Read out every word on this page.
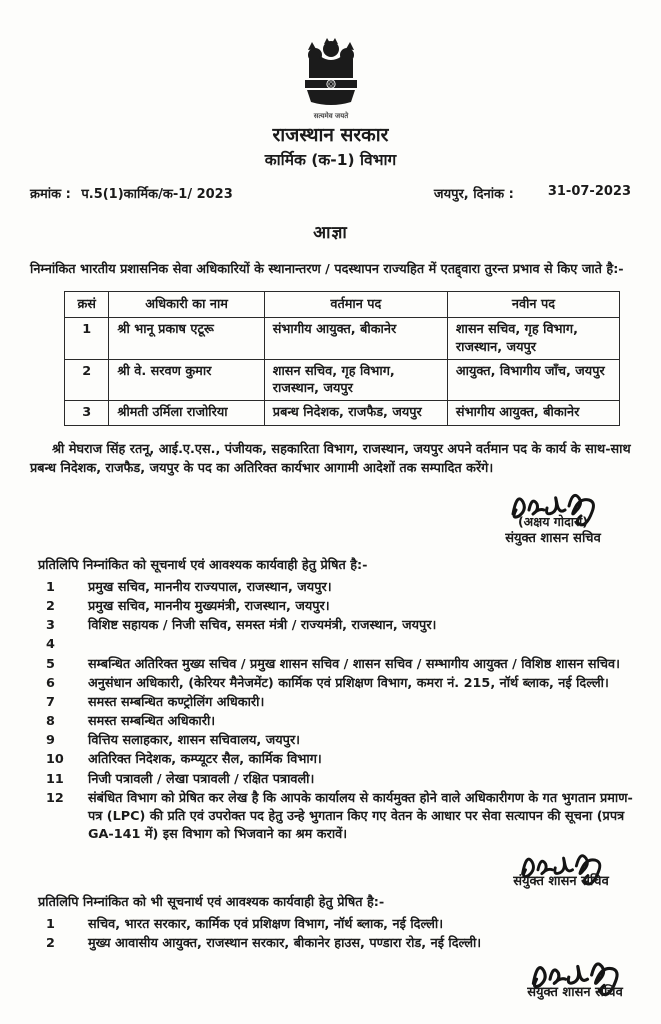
सत्यमेव जयते
राजस्थान सरकार
कार्मिक (क-1) विभाग
क्रमांक : प.5(1)कार्मिक/क-1/ 2023	जयपुर, दिनांक :	31-07-2023
आज्ञा
निम्नांकित भारतीय प्रशासनिक सेवा अधिकारियों के स्थानान्तरण / पदस्थापन राज्यहित में एतद्द्वारा तुरन्त प्रभाव से किए जाते है:-
क्रसं	अधिकारी का नाम	वर्तमान पद	नवीन पद
1	श्री भानू प्रकाष एटूरू	संभागीय आयुक्त, बीकानेर	शासन सचिव, गृह विभाग, राजस्थान, जयपुर
2	श्री वे. सरवण कुमार	शासन सचिव, गृह विभाग, राजस्थान, जयपुर	आयुक्त, विभागीय जाँच, जयपुर
3	श्रीमती उर्मिला राजोरिया	प्रबन्ध निदेशक, राजफैड, जयपुर	संभागीय आयुक्त, बीकानेर
श्री मेघराज सिंह रतनू, आई.ए.एस., पंजीयक, सहकारिता विभाग, राजस्थान, जयपुर अपने वर्तमान पद के कार्य के साथ-साथ प्रबन्ध निदेशक, राजफैड, जयपुर के पद का अतिरिक्त कार्यभार आगामी आदेशों तक सम्पादित करेंगे।
(अक्षय गोदारा)
संयुक्त शासन सचिव
प्रतिलिपि निम्नांकित को सूचनार्थ एवं आवश्यक कार्यवाही हेतु प्रेषित है:-
1	प्रमुख सचिव, माननीय राज्यपाल, राजस्थान, जयपुर।
2	प्रमुख सचिव, माननीय मुख्यमंत्री, राजस्थान, जयपुर।
3	विशिष्ट सहायक / निजी सचिव, समस्त मंत्री / राज्यमंत्री, राजस्थान, जयपुर।
4
5	सम्बन्धित अतिरिक्त मुख्य सचिव / प्रमुख शासन सचिव / शासन सचिव / सम्भागीय आयुक्त / विशिष्ठ शासन सचिव।
6	अनुसंधान अधिकारी, (केरियर मैनेजमेंट) कार्मिक एवं प्रशिक्षण विभाग, कमरा नं. 215, नॉर्थ ब्लाक, नई दिल्ली।
7	समस्त सम्बन्धित कण्ट्रोलिंग अधिकारी।
8	समस्त सम्बन्धित अधिकारी।
9	वित्तिय सलाहकार, शासन सचिवालय, जयपुर।
10	अतिरिक्त निदेशक, कम्प्यूटर सैल, कार्मिक विभाग।
11	निजी पत्रावली / लेखा पत्रावली / रक्षित पत्रावली।
12	संबंधित विभाग को प्रेषित कर लेख है कि आपके कार्यालय से कार्यमुक्त होने वाले अधिकारीगण के गत भुगतान प्रमाण-पत्र (LPC) की प्रति एवं उपरोक्त पद हेतु उन्हे भुगतान किए गए वेतन के आधार पर सेवा सत्यापन की सूचना (प्रपत्र GA-141 में) इस विभाग को भिजवाने का श्रम करावें।
संयुक्त शासन सचिव
प्रतिलिपि निम्नांकित को भी सूचनार्थ एवं आवश्यक कार्यवाही हेतु प्रेषित है:-
1	सचिव, भारत सरकार, कार्मिक एवं प्रशिक्षण विभाग, नॉर्थ ब्लाक, नई दिल्ली।
2	मुख्य आवासीय आयुक्त, राजस्थान सरकार, बीकानेर हाउस, पण्डारा रोड, नई दिल्ली।
संयुक्त शासन सचिव
